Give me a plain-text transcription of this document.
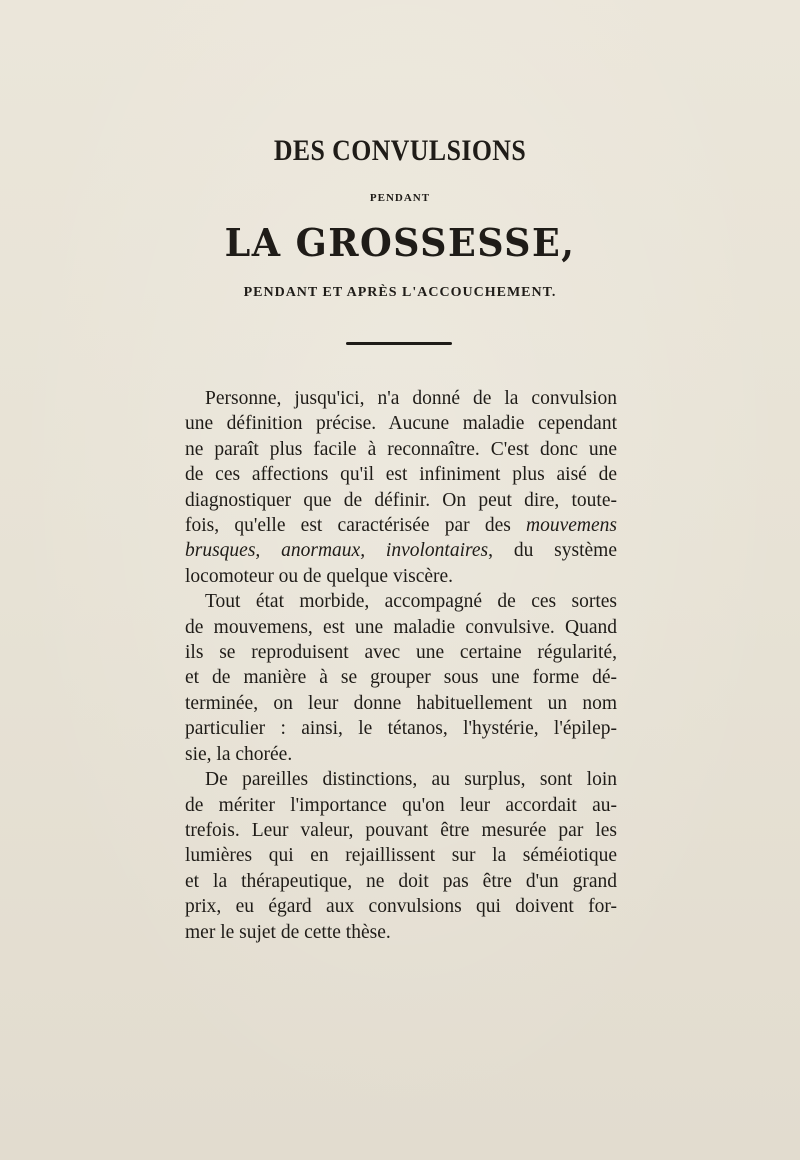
DES CONVULSIONS
PENDANT
LA GROSSESSE,
PENDANT ET APRÈS L'ACCOUCHEMENT.
Personne, jusqu'ici, n'a donné de la convulsion
une définition précise. Aucune maladie cependant
ne paraît plus facile à reconnaître. C'est donc une
de ces affections qu'il est infiniment plus aisé de
diagnostiquer que de définir. On peut dire, toute-
fois, qu'elle est caractérisée par des mouvemens
brusques, anormaux, involontaires, du système
locomoteur ou de quelque viscère.
Tout état morbide, accompagné de ces sortes
de mouvemens, est une maladie convulsive. Quand
ils se reproduisent avec une certaine régularité,
et de manière à se grouper sous une forme dé-
terminée, on leur donne habituellement un nom
particulier : ainsi, le tétanos, l'hystérie, l'épilep-
sie, la chorée.
De pareilles distinctions, au surplus, sont loin
de mériter l'importance qu'on leur accordait au-
trefois. Leur valeur, pouvant être mesurée par les
lumières qui en rejaillissent sur la séméiotique
et la thérapeutique, ne doit pas être d'un grand
prix, eu égard aux convulsions qui doivent for-
mer le sujet de cette thèse.
